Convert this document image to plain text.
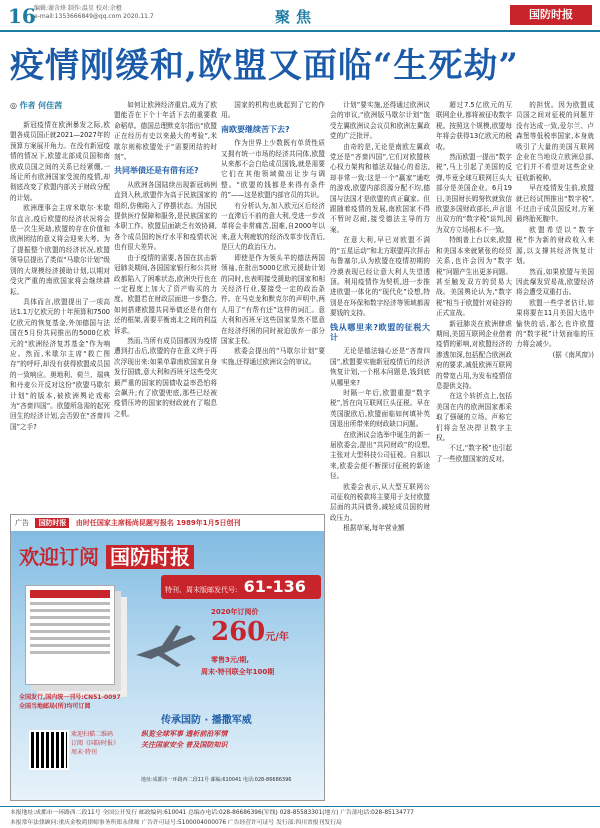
16
编辑:谢含烽 制作:温星 校对:余橙
e-mail:1353666849@qq.com 2020.11.7	聚焦	国防时报
疫情刚缓和,欧盟又面临“生死劫”
◎ 作者 何佳茜

新冠疫情在欧洲暴发之际,欧盟各成员国正就2021—2027年的预算方案展开角力。在没有新冠疫情的情况下,欧盟北部成员国和南欧成员国之间的关系已经紧绷,一场让所有欧洲国家受波的疫情,却彻底改变了欧盟内部关于财政分配的计划。

欧洲理事会主席米歇尔·米歇尔直言,疫后欧盟的经济状况将会是一次生死劫,欧盟的存在价值和欧洲团结的意义将会迎来大考。为了提振整个欧盟的经济状况,欧盟领导层提出了类似“马歇尔计划”级别的大规模经济援助计划,以期对受灾严重的南欧国家将会继续耕耘。

具体而言,欧盟提出了一项高达1.1万亿欧元的十年预算和7500亿欧元的恢复基金,外加德国与法国在5月份共同推出的5000亿欧元的“欧洲经济复苏基金”作为响应。然而,米歇尔主席“救亡图存”的呼吁,却没有获得欧盟成员国的一致响应。奥地利、荷兰、瑞典和丹麦公开反对这份“欧盟马歇尔计划”的版本,被欧洲舆论戏称为“吝啬四国”。欧盟所急需的起死回生的经济计划,会否毁在“吝啬四国”之手?

如何让欧洲经济重启,成为了欧盟能否在下个十年活下去的重要救命稻草。德国总理默克尔指出“欧盟正在经历有史以来最大的考验”,米歇尔则称欧盟处于“需要团结的时刻”。

共同举债还是有借有还?

从欧洲各国陆续出现新冠病例直到入秋,欧盟作为高于民族国家的组织,仿佛陷入了停摆状态。为国民提供医疗保障和服务,是民族国家的本职工作。欧盟层面缺乏有效协调,各个成员国的医疗水平和疫情状况也有很大差异。

由于疫情的需要,各国在抗击新冠肺炎期间,各国国家银行和公共财政都陷入了困难状态,欧洲央行也在一定程度上加大了资产购买的力度。欧盟若在财政层面进一步整合,如何搭建欧盟共同举债还是有借有还的框架,需要平衡南北之间的利益诉求。

然而,当所有成员国都因为疫情遭到打击后,欧盟的存在意义终于再次浮现出来:如果单靠南欧国家自身发行国债,意大利和西班牙这些受灾最严重的国家的国债收益率恐怕将会飙升;有了欧盟兜底,那些已经被疫情压垮的国家的财政就有了喘息之机。

国家的机构也就起到了它的作用。

南欧要继续苦下去?

作为世界上少数既有单货性质又拥有统一市场的经济共同体,欧盟从来都不会白给成员国钱,就是需要它们在其他领域做出让步与调整。“欧盟的钱都是来得有条件的”——这是欧盟内部官员的共识。

有分析认为,加入欧元区后经济一直滞后不前的意大利,受进一步改革将会非常痛苦,国难,自2000年以来,意大利疲软的经济改革步伐背后,是巨大的政治压力。

即使是作为领头羊的德法两国领袖,在批出5000亿欧元援助计划的同时,也表明接受援助的国家和相关经济行业,要接受一定的政治条件。在马克龙和默克尔的声明中,两人用了“有帮有还”这样的词汇。意大利和西班牙这些国家显然不愿意在经济纾困的同时被迫放弃一部分国家主权。

欧委会提出的“马歇尔计划”要实施,还得通过欧洲议会的审议。

计划”要实施,还得通过欧洲议会的审议,“欧洲版马歇尔计划”饱受左翼欧洲议会议员和欧洲左翼政党的广泛批评。

由奇的是,无论是南欧左翼政党还是“吝啬四国”,它们对欧盟核心权力架构和德法双轴心的看法,却非常一致:这是一个“赢家”通吃的游戏,欧盟内部资源分配不均,德国与法国才是欧盟的真正赢家。但跟随着疫情的发展,南欧国家不得不暂时忍耐,接受德法主导的方案。

在意大利,早已对欧盟不满的“五星运动”和北方联盟再次抨击布鲁塞尔,认为欧盟在疫情初期的冷漠表现已经让意大利人失望透顶。利用疫情作为契机,进一步推进欧盟一体化的“现代化”设想,特别是在环保和数字经济等领域都需要钱的支持。

钱从哪里来?欧盟的征税大计

无论是德法轴心还是“吝啬四国”,欧盟要实施新冠疫情后的经济恢复计划,一个根本问题是,钱到底从哪里来?

时隔一年后,欧盟重提“数字税”,旨在向互联网巨头征税。早在英国脱欧后,欧盟面临如何填补英国退出所带来的财政缺口问题。

在欧洲议会选举中诞生的新一届欧委会,提出“共同财政”的设想,主张对大型科技公司征税。自那以来,欧委会便不断探讨征税的新途径。

欧委会表示,从大型互联网公司征收的税款将主要用于支付欧盟层面的共同债务,减轻成员国的财政压力。

根据草案,每年营业额

超过7.5亿欧元的互联网企业,都将被征收数字税。按照这个规模,欧盟每年将会获得13亿欧元的税收。

然而欧盟一提出“数字税”,马上引起了美国的反弹,毕竟全球互联网巨头大部分是美国企业。6月19日,美国财长姆努钦就致信欧盟多国财政部长,声言退出双方的“数字税”谈判,因为双方立场根本不一致。

特朗普上台以来,欧盟和美国本来就紧张的经贸关系,也许会因为“数字税”问题产生出更多问题。甚至触发双方的贸易大战。美国舆论认为,“数字税”相当于欧盟针对硅谷的正式宣战。

新冠肺炎在欧洲肆虐期间,美国互联网企业借着疫情的影响,对欧盟经济的渗透加深,包括配合欧洲政府的要求,减低欧洲互联网的带宽占用,为发布疫情信息提供支持。

在这个转折点上,包括美国在内的欧洲国家都采取了强硬的立场。声称它们将会坚决捍卫数字主权。

不过,“数字税”也引起了一些欧盟国家的反对。

的担忧。因为欧盟成员国之间对征税的问题并没有达成一致,爱尔兰、卢森堡等低税率国家,本身就吸引了大量的美国互联网企业在当地设立欧洲总部,它们并不希望对这些企业征收新税种。

早在疫情发生前,欧盟就已经试图推出“数字税”,不过由于成员国反对,方案最终胎死腹中。

欧盟希望以“数字税”作为新的财政收入来源,以支撑其经济恢复计划。

然而,如果欧盟与美国因此爆发贸易战,欧盟经济将会遭受双重打击。

欧盟一些学者估计,如果将要在11月美国大选中愉快的话,那么也许欧盟的“数字税”计划面临的压力将会减少。

(据《南风窗》)

广告 国防时报 由时任国家主席杨尚昆题写报名 1989年1月5日创刊
欢迎订阅 国防时报
特刊、周末版邮发代号: 61-136
2020年订阅价
260元/年
零售3元/期,
周末·特刊联全年100期
全国发行,国内统一刊号:CN51-0097
全国当地邮局(所)均可订阅
欢迎扫描二维码
订阅《国防时报》
周末·特刊
传承国防 · 播撒军威
纵览全球军事 透析前沿军情
关注国家安全 普及国防知识
地址:成都市一环路西二段11号 邮编:610041 电话:028-86686396
本报地址:成都市一环路西二段11号 全国公开发行 邮政编码:610041 总编办电话:028-86686396(军线) 028-85583301(地方) 广告部电话:028-85134777
本报常年法律顾问:重庆金牧鸿律师事务所郑永律师 广告许可证号:5100004000076 广告经营许可证号 发行部:四川省报刊发行局
